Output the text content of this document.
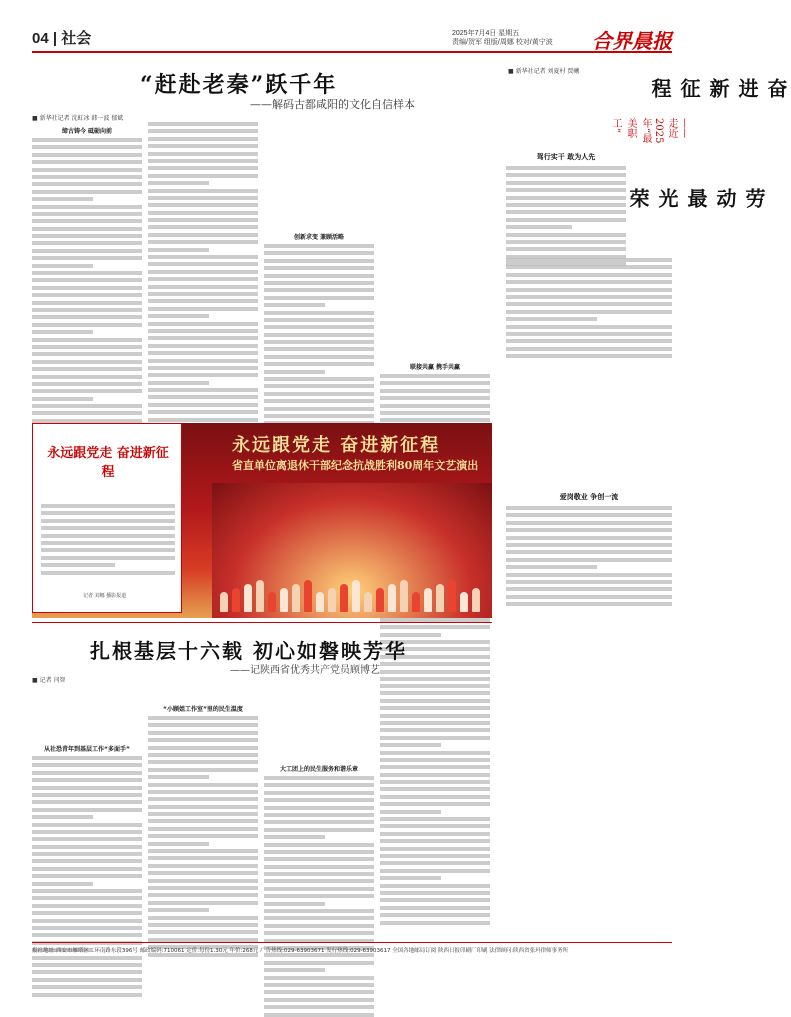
04 | 社会	2025年7月4日 星期五
责编/贺军 组版/周娜 校对/黄宁波 合界晨报
“赶赴老秦”跃千年
——解码古都咸阳的文化自信样本
■ 新华社记者 沈虹冰 韩一波 郁斌
缔古铸今 砥砺向前
创新求变 兼顾活略
联接共赢 携手共赢
■ 新华社记者 刘夏村 贾曦
奋进新征程
劳动最光荣
——走近2025年“最美职工”
驾行实干 敢为人先
爱岗敬业 争创一流
永远跟党走 奋进新征程
省直单位离退休干部纪念抗战胜利80周年文艺演出
永远跟党走 奋进新征程
记者 刘娜 播影报道
扎根基层十六载 初心如磐映芳华
——记陕西省优秀共产党员顾博艺
■ 记者 闫智
从社恐青年到基层工作“多面手”
“小顾姐工作室”里的民生温度
大工团上的民生服务和谐乐章
报社地址:西安市雁塔区二环南路东段396号 邮政编码:710061 定价:每份1.30元 年价:268元 广告热线:029-63903671 发行热线:029-63903617 全国各地邮局订阅 陕西日报印刷厂印刷 法律顾问:陕西省张玛律师事务所
